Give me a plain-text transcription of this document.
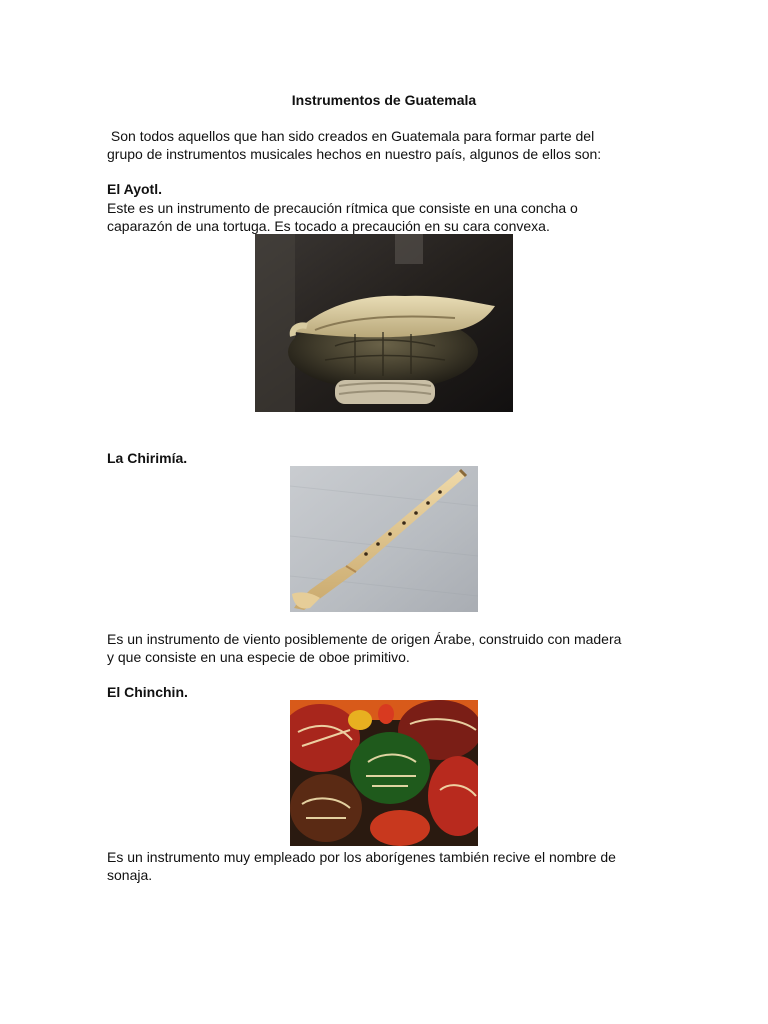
Instrumentos de Guatemala
Son todos aquellos que han sido creados en Guatemala para formar parte del
grupo de instrumentos musicales hechos en nuestro país, algunos de ellos son:
El Ayotl.
Este es un instrumento de precaución rítmica que consiste en una concha o
caparazón de una tortuga. Es tocado a precaución en su cara convexa.
La Chirimía.
Es un instrumento de viento posiblemente de origen Árabe, construido con madera
y que consiste en una especie de oboe primitivo.
El Chinchin.
Es un instrumento muy empleado por los aborígenes también recive el nombre de
sonaja.
